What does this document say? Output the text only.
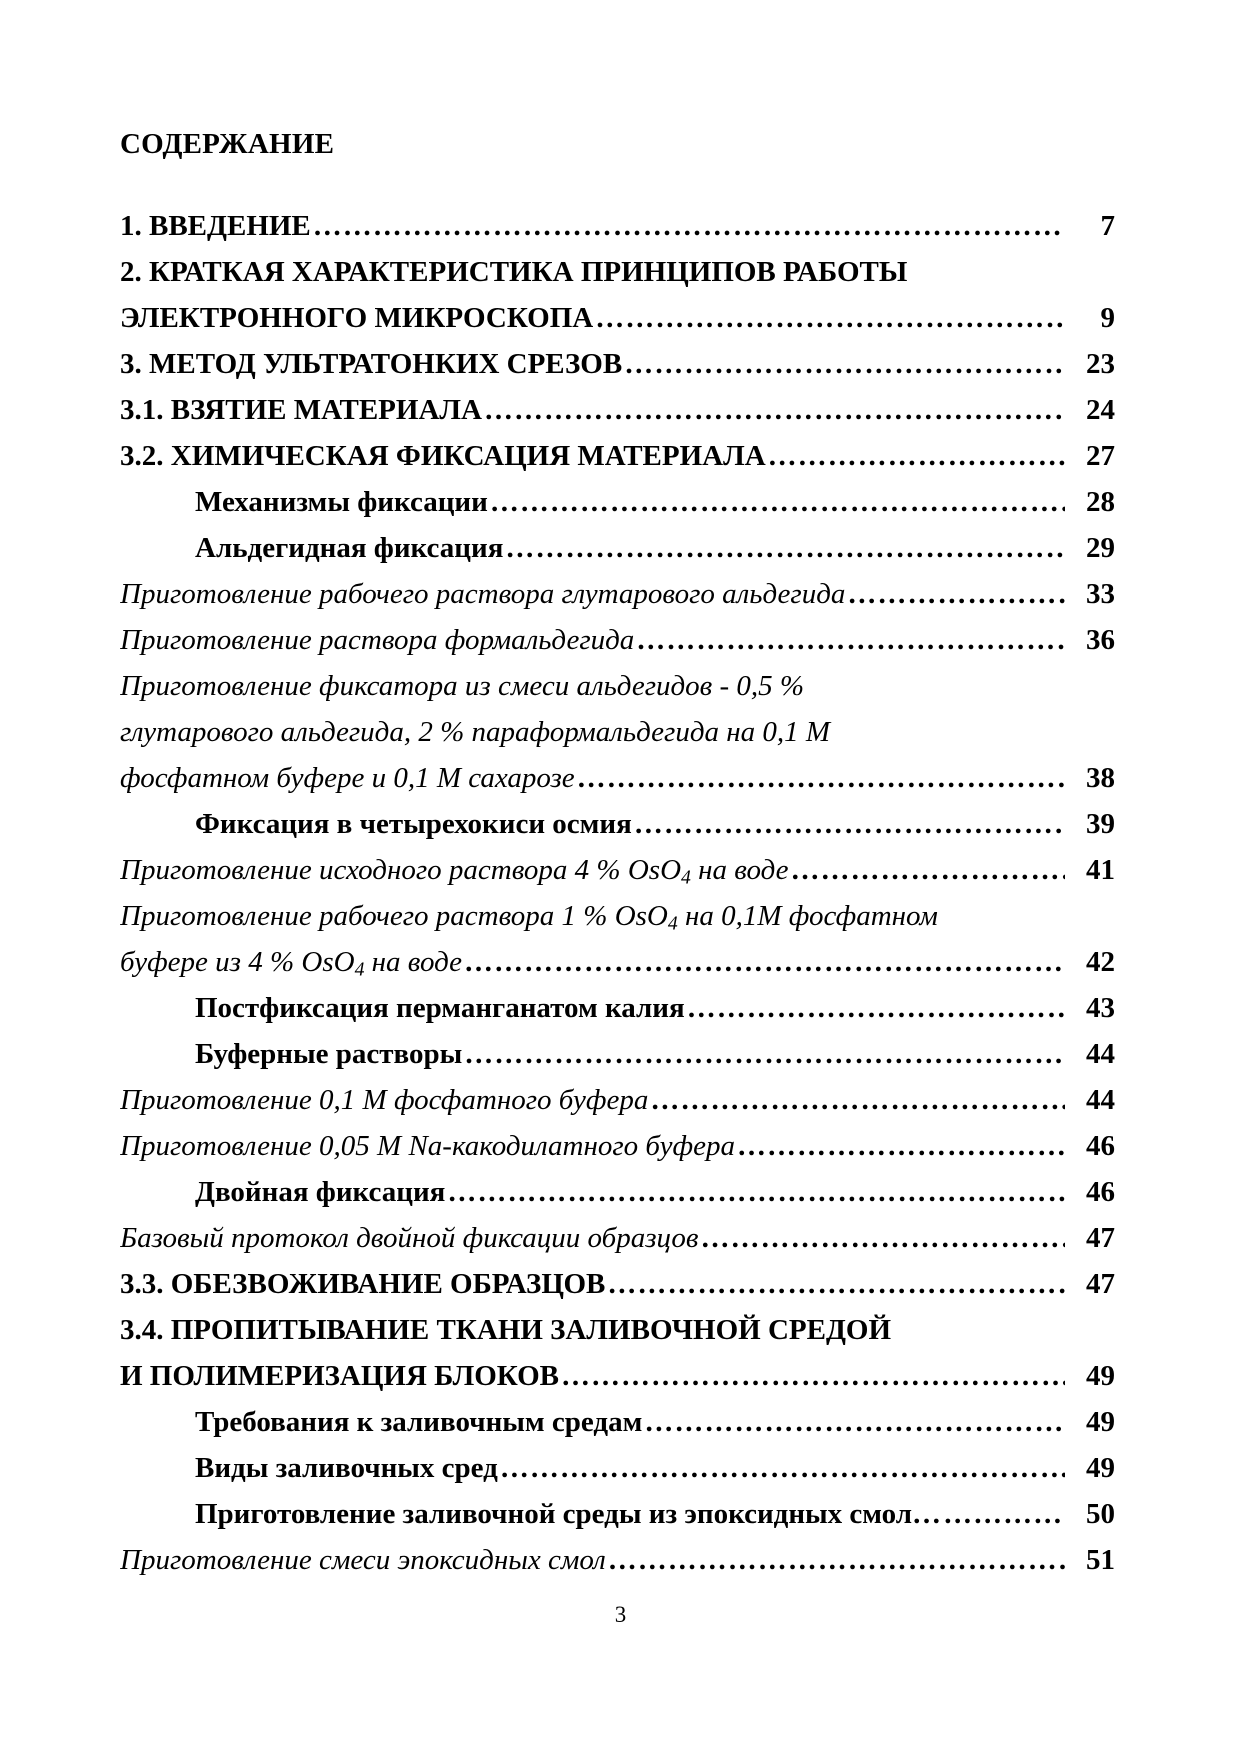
СОДЕРЖАНИЕ
1. ВВЕДЕНИЕ …………………………………………………………………………………………………………………………………………………………………………………	7
2. КРАТКАЯ ХАРАКТЕРИСТИКА ПРИНЦИПОВ РАБОТЫ
ЭЛЕКТРОННОГО МИКРОСКОПА …………………………………………………………………………………………………………………………………………………………………………………	9
3. МЕТОД УЛЬТРАТОНКИХ СРЕЗОВ …………………………………………………………………………………………………………………………………………………………………………………	23
3.1. ВЗЯТИЕ МАТЕРИАЛА …………………………………………………………………………………………………………………………………………………………………………………	24
3.2. ХИМИЧЕСКАЯ ФИКСАЦИЯ МАТЕРИАЛА …………………………………………………………………………………………………………………………………………………………………………………	27
Механизмы фиксации …………………………………………………………………………………………………………………………………………………………………………………	28
Альдегидная фиксация …………………………………………………………………………………………………………………………………………………………………………………	29
Приготовление рабочего раствора глутарового альдегида …………………………………………………………………………………………………………………………………………………………………………………	33
Приготовление раствора формальдегида …………………………………………………………………………………………………………………………………………………………………………………	36
Приготовление фиксатора из смеси альдегидов - 0,5 %
глутарового альдегида, 2 % параформальдегида на 0,1 М
фосфатном буфере и 0,1 М сахарозе …………………………………………………………………………………………………………………………………………………………………………………	38
Фиксация в четырехокиси осмия …………………………………………………………………………………………………………………………………………………………………………………	39
Приготовление исходного раствора 4 % OsO$_4$ на воде …………………………………………………………………………………………………………………………………………………………………………………	41
Приготовление рабочего раствора 1 % OsO$_4$ на 0,1М фосфатном
буфере из 4 % OsO$_4$ на воде …………………………………………………………………………………………………………………………………………………………………………………	42
Постфиксация перманганатом калия …………………………………………………………………………………………………………………………………………………………………………………	43
Буферные растворы …………………………………………………………………………………………………………………………………………………………………………………	44
Приготовление 0,1 М фосфатного буфера …………………………………………………………………………………………………………………………………………………………………………………	44
Приготовление 0,05 M Na-какодилатного буфера …………………………………………………………………………………………………………………………………………………………………………………	46
Двойная фиксация …………………………………………………………………………………………………………………………………………………………………………………	46
Базовый протокол двойной фиксации образцов …………………………………………………………………………………………………………………………………………………………………………………	47
3.3. ОБЕЗВОЖИВАНИЕ ОБРАЗЦОВ …………………………………………………………………………………………………………………………………………………………………………………	47
3.4. ПРОПИТЫВАНИЕ ТКАНИ ЗАЛИВОЧНОЙ СРЕДОЙ
И ПОЛИМЕРИЗАЦИЯ БЛОКОВ …………………………………………………………………………………………………………………………………………………………………………………	49
Требования к заливочным средам …………………………………………………………………………………………………………………………………………………………………………………	49
Виды заливочных сред …………………………………………………………………………………………………………………………………………………………………………………	49
Приготовление заливочной среды из эпоксидных смол… …………………………………………………………………………………………………………………………………………………………………………………	50
Приготовление смеси эпоксидных смол …………………………………………………………………………………………………………………………………………………………………………………	51
3
